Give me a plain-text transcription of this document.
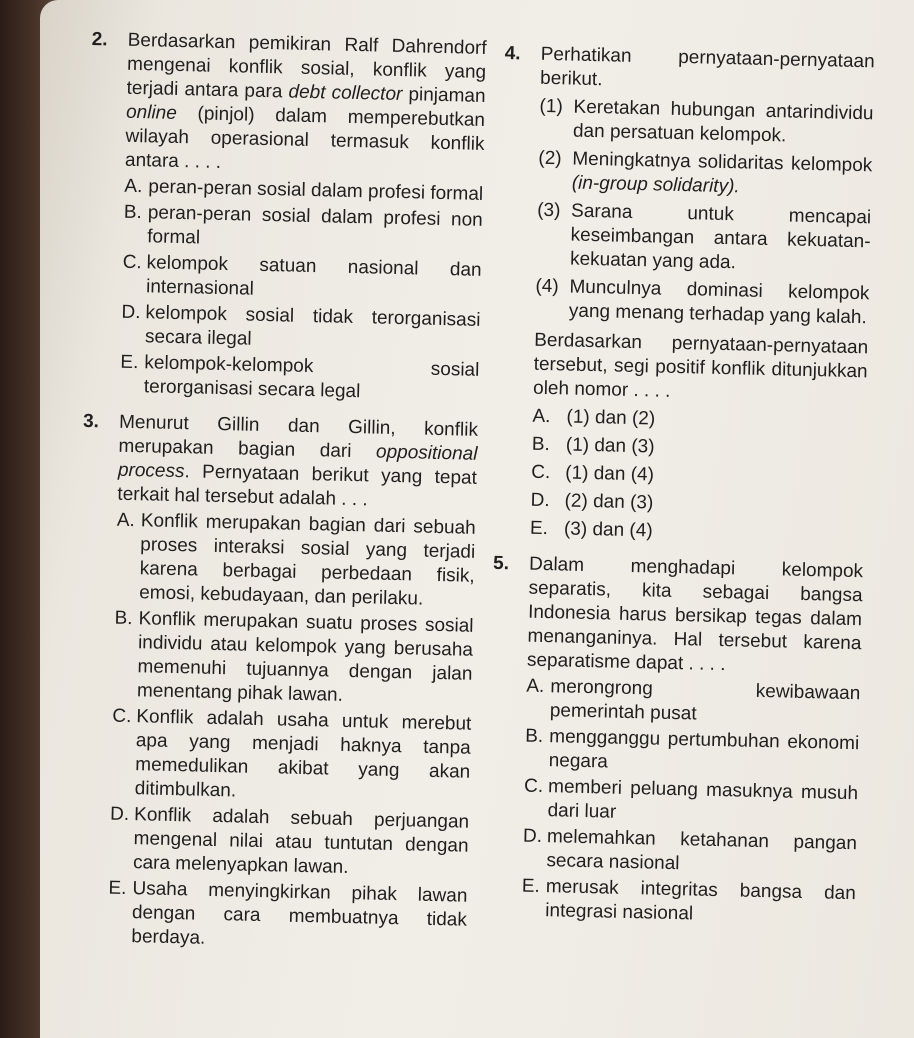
2. Berdasarkan pemikiran Ralf Dahrendorf mengenai konflik sosial, konflik yang terjadi antara para debt collector pinjaman online (pinjol) dalam memperebutkan wilayah operasional termasuk konflik antara . . . .
A. peran-peran sosial dalam profesi formal
B. peran-peran sosial dalam profesi non formal
C. kelompok satuan nasional dan internasional
D. kelompok sosial tidak terorganisasi secara ilegal
E. kelompok-kelompok sosial terorganisasi secara legal
3. Menurut Gillin dan Gillin, konflik merupakan bagian dari oppositional process. Pernyataan berikut yang tepat terkait hal tersebut adalah . . .
A. Konflik merupakan bagian dari sebuah proses interaksi sosial yang terjadi karena berbagai perbedaan fisik, emosi, kebudayaan, dan perilaku.
B. Konflik merupakan suatu proses sosial individu atau kelompok yang berusaha memenuhi tujuannya dengan jalan menentang pihak lawan.
C. Konflik adalah usaha untuk merebut apa yang menjadi haknya tanpa memedulikan akibat yang akan ditimbulkan.
D. Konflik adalah sebuah perjuangan mengenal nilai atau tuntutan dengan cara melenyapkan lawan.
E. Usaha menyingkirkan pihak lawan dengan cara membuatnya tidak berdaya.
4. Perhatikan pernyataan-pernyataan berikut.
(1) Keretakan hubungan antarindividu dan persatuan kelompok.
(2) Meningkatnya solidaritas kelompok (in-group solidarity).
(3) Sarana untuk mencapai keseimbangan antara kekuatan-kekuatan yang ada.
(4) Munculnya dominasi kelompok yang menang terhadap yang kalah.
Berdasarkan pernyataan-pernyataan tersebut, segi positif konflik ditunjukkan oleh nomor . . . .
A. (1) dan (2)
B. (1) dan (3)
C. (1) dan (4)
D. (2) dan (3)
E. (3) dan (4)
5. Dalam menghadapi kelompok separatis, kita sebagai bangsa Indonesia harus bersikap tegas dalam menanganinya. Hal tersebut karena separatisme dapat . . . .
A. merongrong kewibawaan pemerintah pusat
B. mengganggu pertumbuhan ekonomi negara
C. memberi peluang masuknya musuh dari luar
D. melemahkan ketahanan pangan secara nasional
E. merusak integritas bangsa dan integrasi nasional
